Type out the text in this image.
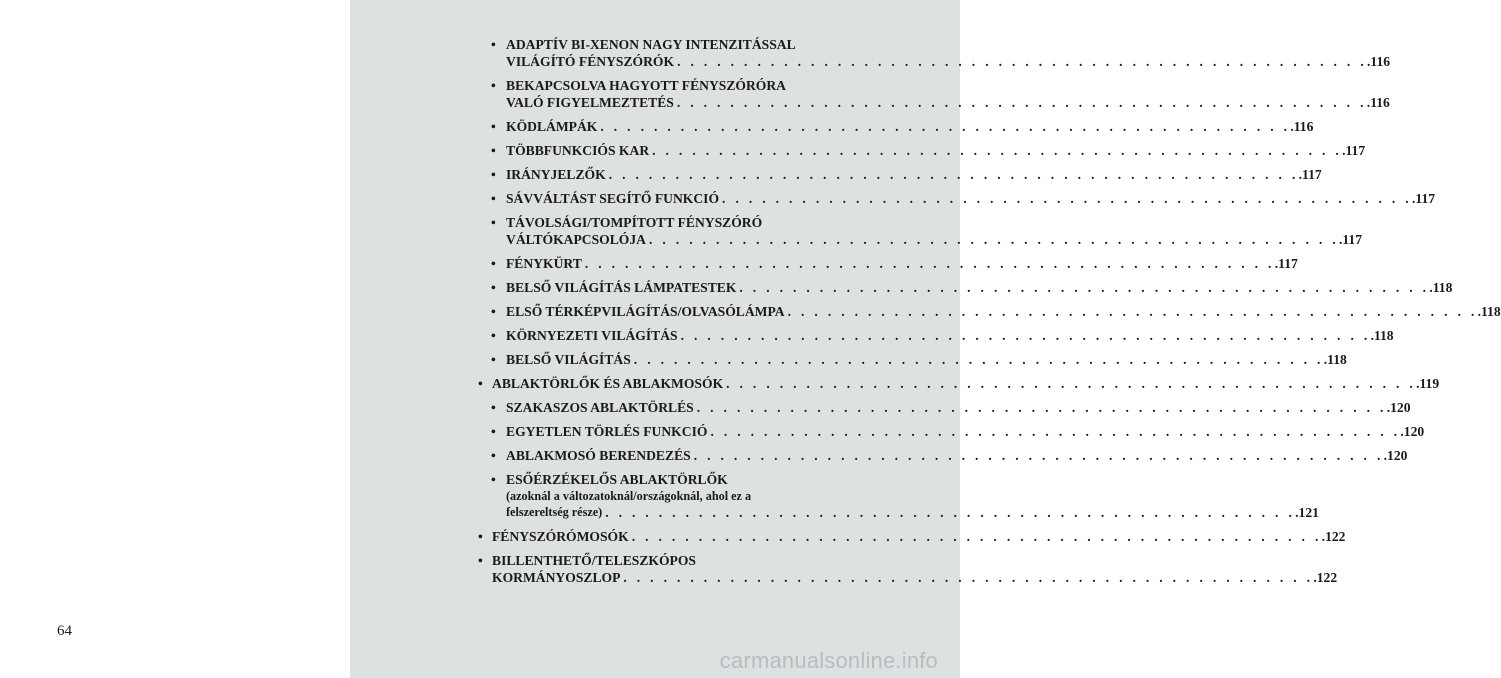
64
• ADAPTÍV BI-XENON NAGY INTENZITÁSSAL
VILÁGÍTÓ FÉNYSZÓRÓK . . . . . . . . . . . . . . . . . . . . . . . . . . . . . . . . . . . . . . . . . . . . . . . . . . . . .116
• BEKAPCSOLVA HAGYOTT FÉNYSZÓRÓRA
VALÓ FIGYELMEZTETÉS . . . . . . . . . . . . . . . . . . . . . . . . . . . . . . . . . . . . . . . . . . . . . . . . . . . . .116
• KÖDLÁMPÁK . . . . . . . . . . . . . . . . . . . . . . . . . . . . . . . . . . . . . . . . . . . . . . . . . . . . .116
• TÖBBFUNKCIÓS KAR . . . . . . . . . . . . . . . . . . . . . . . . . . . . . . . . . . . . . . . . . . . . . . . . . . . . .117
• IRÁNYJELZŐK . . . . . . . . . . . . . . . . . . . . . . . . . . . . . . . . . . . . . . . . . . . . . . . . . . . . .117
• SÁVVÁLTÁST SEGÍTŐ FUNKCIÓ . . . . . . . . . . . . . . . . . . . . . . . . . . . . . . . . . . . . . . . . . . . . . . . . . . . . .117
• TÁVOLSÁGI/TOMPÍTOTT FÉNYSZÓRÓ
VÁLTÓKAPCSOLÓJA . . . . . . . . . . . . . . . . . . . . . . . . . . . . . . . . . . . . . . . . . . . . . . . . . . . . .117
• FÉNYKÜRT . . . . . . . . . . . . . . . . . . . . . . . . . . . . . . . . . . . . . . . . . . . . . . . . . . . . .117
• BELSŐ VILÁGÍTÁS LÁMPATESTEK . . . . . . . . . . . . . . . . . . . . . . . . . . . . . . . . . . . . . . . . . . . . . . . . . . . . .118
• ELSŐ TÉRKÉPVILÁGÍTÁS/OLVASÓLÁMPA . . . . . . . . . . . . . . . . . . . . . . . . . . . . . . . . . . . . . . . . . . . . . . . . . . . . .118
• KÖRNYEZETI VILÁGÍTÁS . . . . . . . . . . . . . . . . . . . . . . . . . . . . . . . . . . . . . . . . . . . . . . . . . . . . .118
• BELSŐ VILÁGÍTÁS . . . . . . . . . . . . . . . . . . . . . . . . . . . . . . . . . . . . . . . . . . . . . . . . . . . . .118
• ABLAKTÖRLŐK ÉS ABLAKMOSÓK . . . . . . . . . . . . . . . . . . . . . . . . . . . . . . . . . . . . . . . . . . . . . . . . . . . . .119
• SZAKASZOS ABLAKTÖRLÉS . . . . . . . . . . . . . . . . . . . . . . . . . . . . . . . . . . . . . . . . . . . . . . . . . . . . .120
• EGYETLEN TÖRLÉS FUNKCIÓ . . . . . . . . . . . . . . . . . . . . . . . . . . . . . . . . . . . . . . . . . . . . . . . . . . . . .120
• ABLAKMOSÓ BERENDEZÉS . . . . . . . . . . . . . . . . . . . . . . . . . . . . . . . . . . . . . . . . . . . . . . . . . . . . .120
• ESŐÉRZÉKELŐS ABLAKTÖRLŐK
(azoknál a változatoknál/országoknál, ahol ez a
felszereltség része) . . . . . . . . . . . . . . . . . . . . . . . . . . . . . . . . . . . . . . . . . . . . . . . . . . . . .121
• FÉNYSZÓRÓMOSÓK . . . . . . . . . . . . . . . . . . . . . . . . . . . . . . . . . . . . . . . . . . . . . . . . . . . . .122
• BILLENTHETŐ/TELESZKÓPOS
KORMÁNYOSZLOP . . . . . . . . . . . . . . . . . . . . . . . . . . . . . . . . . . . . . . . . . . . . . . . . . . . . .122
carmanualsonline.info
